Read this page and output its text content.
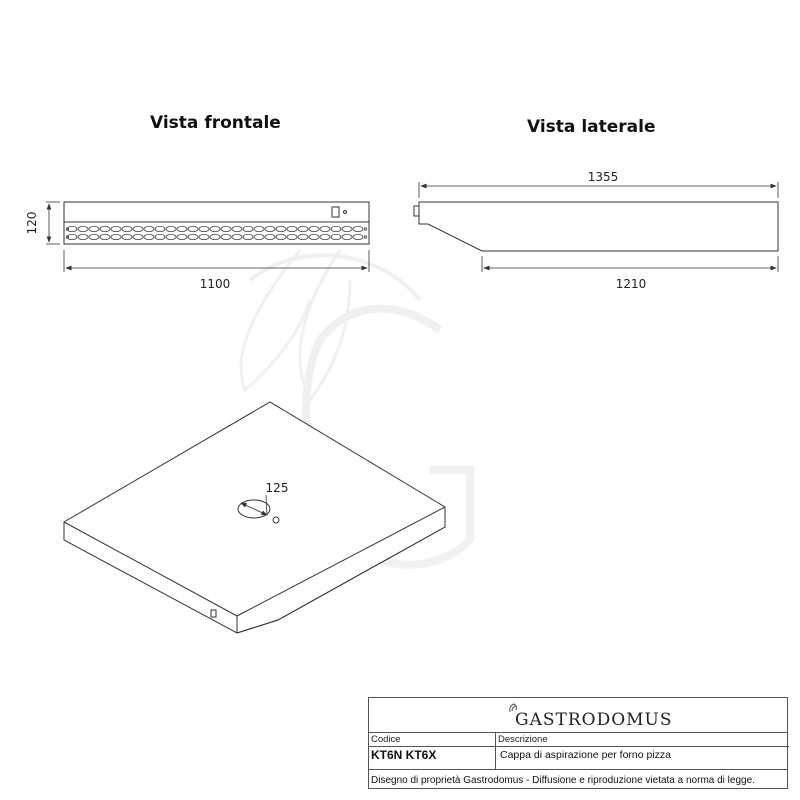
Vista frontale	Vista laterale
120
1100
1355
1210
125
GASTRODOMUS
Codice
KT6N KT6X
Descrizione
Cappa di aspirazione per forno pizza
Disegno di proprietà Gastrodomus - Diffusione e riproduzione vietata a norma di legge.
